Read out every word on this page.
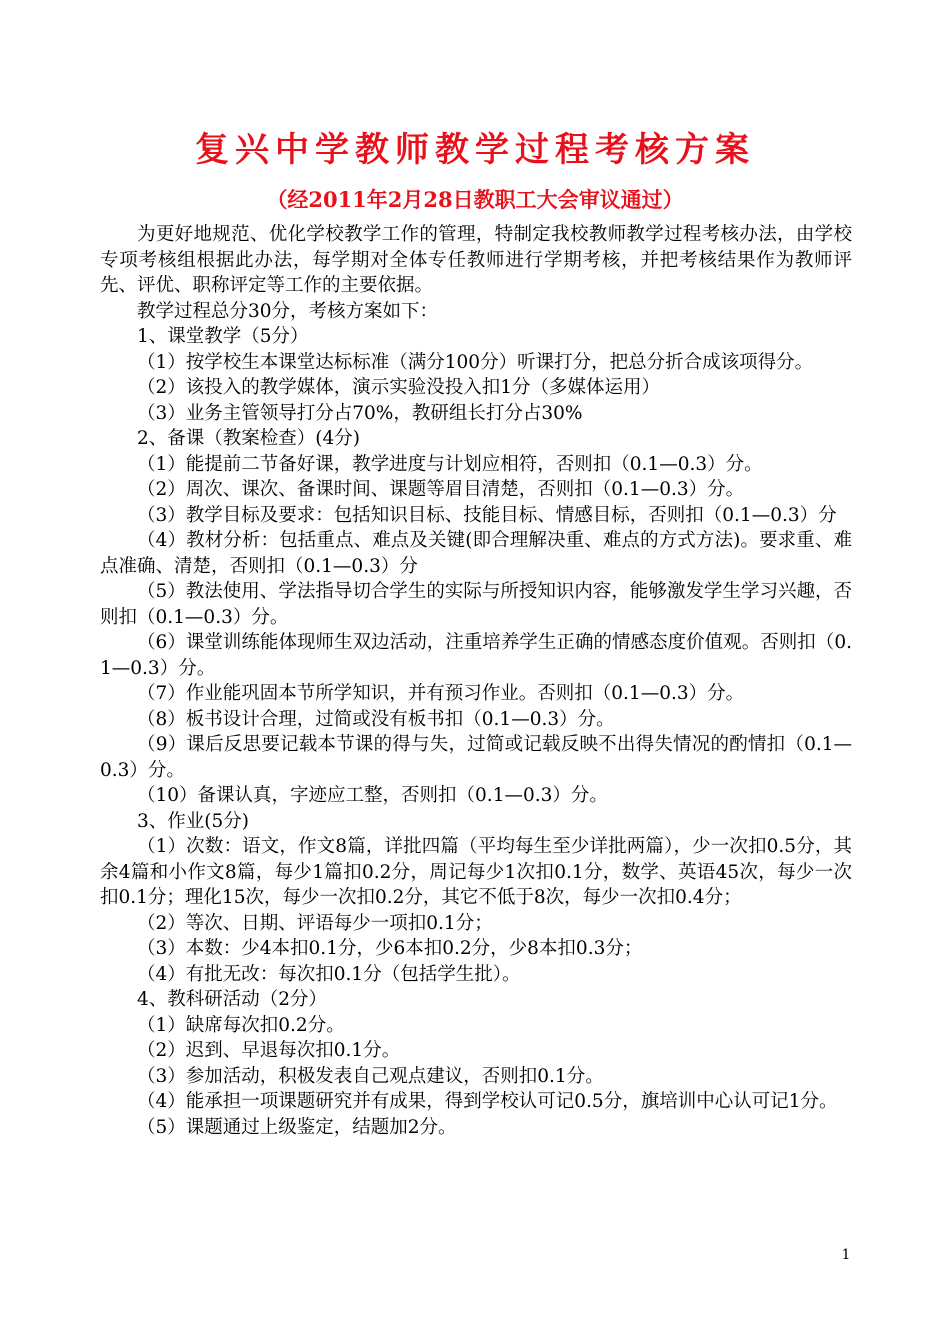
复兴中学教师教学过程考核方案
（经2011年2月28日教职工大会审议通过）

为更好地规范、优化学校教学工作的管理，特制定我校教师教学过程考核办法，由学校专项考核组根据此办法，每学期对全体专任教师进行学期考核，并把考核结果作为教师评先、评优、职称评定等工作的主要依据。

教学过程总分30分，考核方案如下：

1、课堂教学（5分）

（1）按学校生本课堂达标标准（满分100分）听课打分，把总分折合成该项得分。

（2）该投入的教学媒体，演示实验没投入扣1分（多媒体运用）

（3）业务主管领导打分占70%，教研组长打分占30%

2、备课（教案检查）(4分)

（1）能提前二节备好课，教学进度与计划应相符，否则扣（0.1—0.3）分。

（2）周次、课次、备课时间、课题等眉目清楚，否则扣（0.1—0.3）分。

（3）教学目标及要求：包括知识目标、技能目标、情感目标，否则扣（0.1—0.3）分

（4）教材分析：包括重点、难点及关键(即合理解决重、难点的方式方法)。要求重、难点准确、清楚，否则扣（0.1—0.3）分

（5）教法使用、学法指导切合学生的实际与所授知识内容，能够激发学生学习兴趣，否则扣（0.1—0.3）分。

（6）课堂训练能体现师生双边活动，注重培养学生正确的情感态度价值观。否则扣（0.1—0.3）分。

（7）作业能巩固本节所学知识，并有预习作业。否则扣（0.1—0.3）分。

（8）板书设计合理，过简或没有板书扣（0.1—0.3）分。

（9）课后反思要记载本节课的得与失，过简或记载反映不出得失情况的酌情扣（0.1—0.3）分。

（10）备课认真，字迹应工整，否则扣（0.1—0.3）分。

3、作业(5分)

（1）次数：语文，作文8篇，详批四篇（平均每生至少详批两篇），少一次扣0.5分，其余4篇和小作文8篇，每少1篇扣0.2分，周记每少1次扣0.1分，数学、英语45次，每少一次扣0.1分；理化15次，每少一次扣0.2分，其它不低于8次，每少一次扣0.4分；

（2）等次、日期、评语每少一项扣0.1分；

（3）本数：少4本扣0.1分，少6本扣0.2分，少8本扣0.3分；

（4）有批无改：每次扣0.1分（包括学生批）。

4、教科研活动（2分）

（1）缺席每次扣0.2分。

（2）迟到、早退每次扣0.1分。

（3）参加活动，积极发表自己观点建议，否则扣0.1分。

（4）能承担一项课题研究并有成果，得到学校认可记0.5分，旗培训中心认可记1分。

（5）课题通过上级鉴定，结题加2分。

1
